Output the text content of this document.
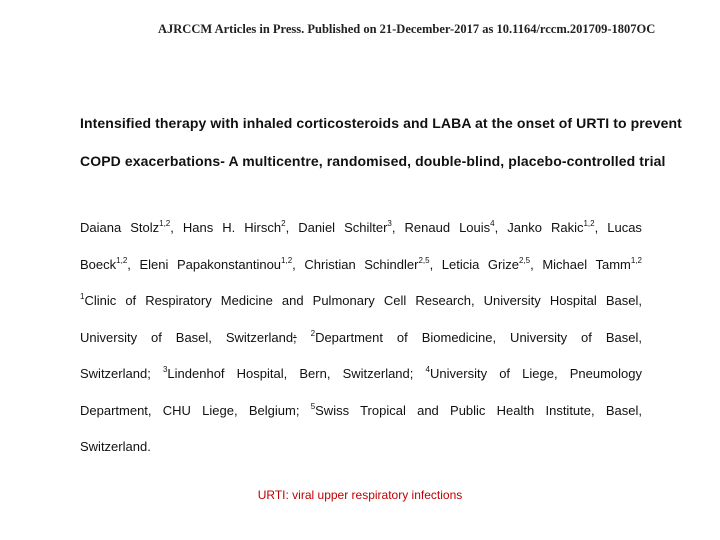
AJRCCM Articles in Press. Published on 21-December-2017 as 10.1164/rccm.201709-1807OC
Intensified therapy with inhaled corticosteroids and LABA at the onset of URTI to prevent
COPD exacerbations- A multicentre, randomised, double-blind, placebo-controlled trial
Daiana Stolz$^{1,2}$, Hans H. Hirsch$^2$, Daniel Schilter$^3$, Renaud Louis$^4$, Janko Rakic$^{1,2}$, Lucas
Boeck$^{1,2}$, Eleni Papakonstantinou$^{1,2}$, Christian Schindler$^{2,5}$, Leticia Grize$^{2,5}$, Michael Tamm$^{1,2}$
$^1$Clinic of Respiratory Medicine and Pulmonary Cell Research, University Hospital Basel,
University of Basel, Switzerland; $^2$Department of Biomedicine, University of Basel,
Switzerland; $^3$Lindenhof Hospital, Bern, Switzerland; $^4$University of Liege, Pneumology
Department, CHU Liege, Belgium; $^5$Swiss Tropical and Public Health Institute, Basel,
Switzerland.
URTI: viral upper respiratory infections
